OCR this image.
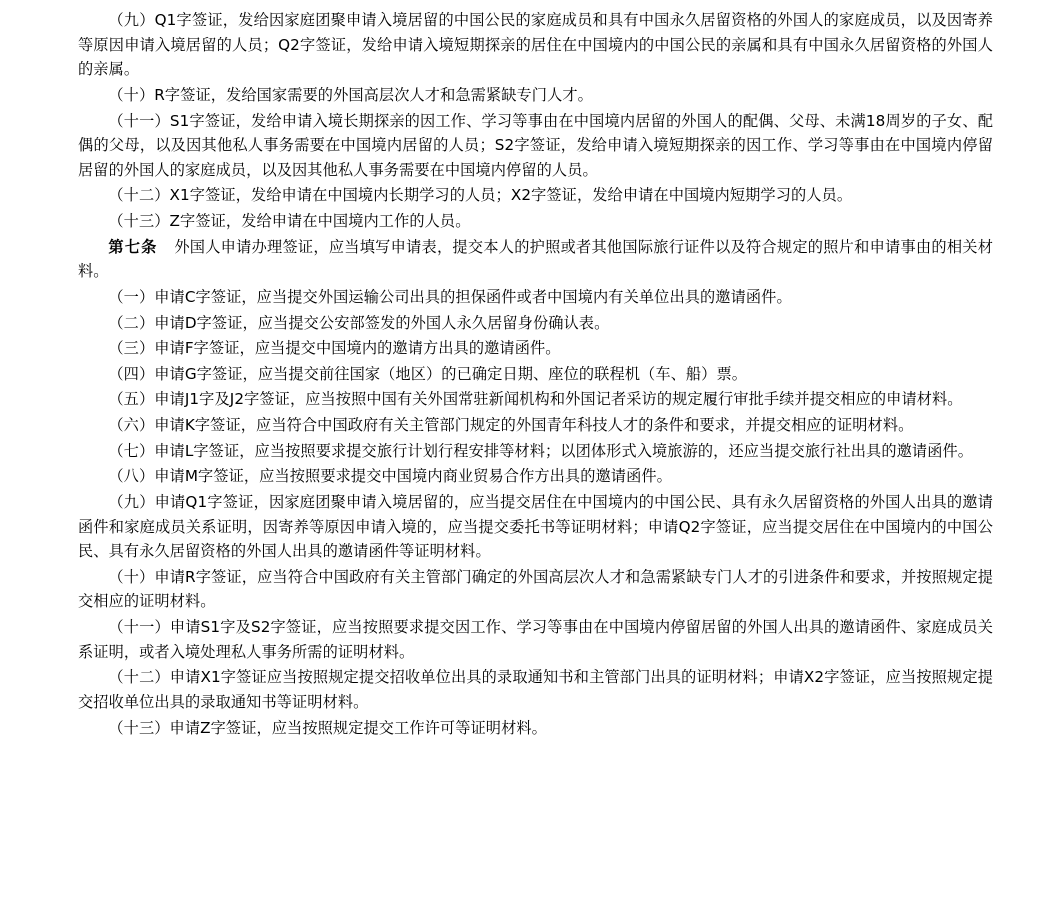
（九）Q1字签证，发给因家庭团聚申请入境居留的中国公民的家庭成员和具有中国永久居留资格的外国人的家庭成员，以及因寄养等原因申请入境居留的人员；Q2字签证，发给申请入境短期探亲的居住在中国境内的中国公民的亲属和具有中国永久居留资格的外国人的亲属。

（十）R字签证，发给国家需要的外国高层次人才和急需紧缺专门人才。

（十一）S1字签证，发给申请入境长期探亲的因工作、学习等事由在中国境内居留的外国人的配偶、父母、未满18周岁的子女、配偶的父母，以及因其他私人事务需要在中国境内居留的人员；S2字签证，发给申请入境短期探亲的因工作、学习等事由在中国境内停留居留的外国人的家庭成员，以及因其他私人事务需要在中国境内停留的人员。

（十二）X1字签证，发给申请在中国境内长期学习的人员；X2字签证，发给申请在中国境内短期学习的人员。

（十三）Z字签证，发给申请在中国境内工作的人员。

第七条 外国人申请办理签证，应当填写申请表，提交本人的护照或者其他国际旅行证件以及符合规定的照片和申请事由的相关材料。

（一）申请C字签证，应当提交外国运输公司出具的担保函件或者中国境内有关单位出具的邀请函件。

（二）申请D字签证，应当提交公安部签发的外国人永久居留身份确认表。

（三）申请F字签证，应当提交中国境内的邀请方出具的邀请函件。

（四）申请G字签证，应当提交前往国家（地区）的已确定日期、座位的联程机（车、船）票。

（五）申请J1字及J2字签证，应当按照中国有关外国常驻新闻机构和外国记者采访的规定履行审批手续并提交相应的申请材料。

（六）申请K字签证，应当符合中国政府有关主管部门规定的外国青年科技人才的条件和要求，并提交相应的证明材料。

（七）申请L字签证，应当按照要求提交旅行计划行程安排等材料；以团体形式入境旅游的，还应当提交旅行社出具的邀请函件。

（八）申请M字签证，应当按照要求提交中国境内商业贸易合作方出具的邀请函件。

（九）申请Q1字签证，因家庭团聚申请入境居留的，应当提交居住在中国境内的中国公民、具有永久居留资格的外国人出具的邀请函件和家庭成员关系证明，因寄养等原因申请入境的，应当提交委托书等证明材料；申请Q2字签证，应当提交居住在中国境内的中国公民、具有永久居留资格的外国人出具的邀请函件等证明材料。

（十）申请R字签证，应当符合中国政府有关主管部门确定的外国高层次人才和急需紧缺专门人才的引进条件和要求，并按照规定提交相应的证明材料。

（十一）申请S1字及S2字签证，应当按照要求提交因工作、学习等事由在中国境内停留居留的外国人出具的邀请函件、家庭成员关系证明，或者入境处理私人事务所需的证明材料。

（十二）申请X1字签证应当按照规定提交招收单位出具的录取通知书和主管部门出具的证明材料；申请X2字签证，应当按照规定提交招收单位出具的录取通知书等证明材料。

（十三）申请Z字签证，应当按照规定提交工作许可等证明材料。
